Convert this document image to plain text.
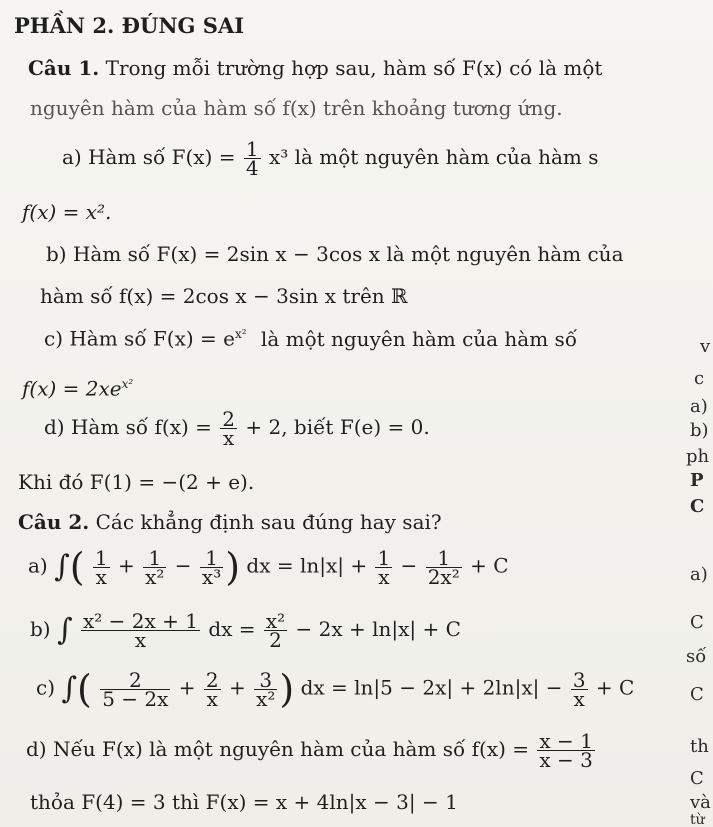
PHẦN 2. ĐÚNG SAI
Câu 1. Trong mỗi trường hợp sau, hàm số F(x) có là một
nguyên hàm của hàm số f(x) trên khoảng tương ứng.
a) Hàm số $F(x) = \frac{1}{4} x^3$ là một nguyên hàm của hàm s
f(x) = x².
b) Hàm số F(x) = 2sin x − 3cos x là một nguyên hàm của
hàm số f(x) = 2cos x − 3sin x trên ℝ
c) Hàm số $F(x) = e^{x^2}$ là một nguyên hàm của hàm số
$f(x) = 2xe^{x^2}$
d) Hàm số $f(x) = \frac{2}{x} + 2$, biết F(e) = 0.
Khi đó F(1) = −(2 + e).
Câu 2. Các khẳng định sau đúng hay sai?
a) ∫( $\frac{1}{x} + \frac{1}{\text{x²}} - \frac{1}{\text{x³}}$ ) dx = $\ln|x| + \frac{1}{x} - \frac{1}{\text{2x²}} + C$
b) ∫ $\frac{\text{x² − 2x + 1}}{x}$ dx = $\frac{\text{x²}}{2} - 2x + \ln|x| + C$
c) ∫( $\frac{2}{5 - 2x} + \frac{2}{x} + \frac{3}{\text{x²}}$ ) dx = $\ln|5 - 2x| + 2\ln|x| - \frac{3}{x} + C$
d) Nếu F(x) là một nguyên hàm của hàm số $f(x) = \frac{x - 1}{x - 3}$
thỏa F(4) = 3 thì F(x) = x + 4ln|x − 3| − 1
v
c
a)
b)
ph
P
C
a)
C
số
C
th
C
và
từ
